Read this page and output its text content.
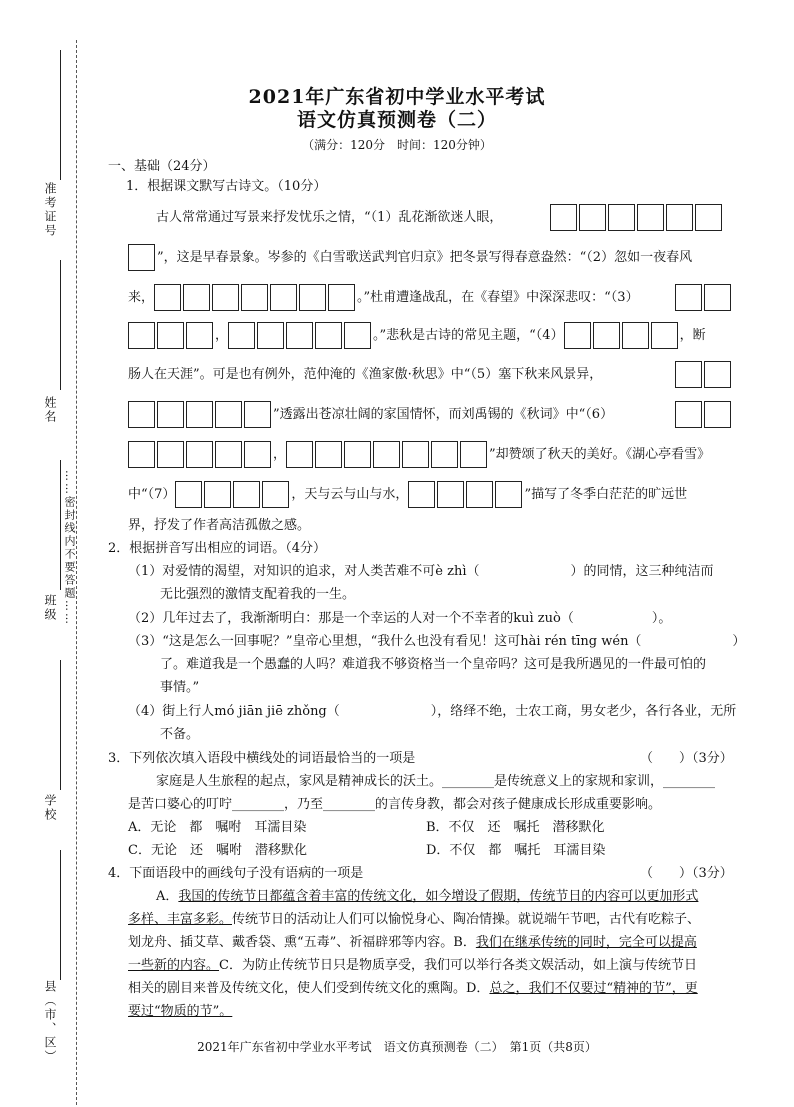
准考证号
姓名
……密封线内不要答题……
班级
学校
县（市、区）
2021年广东省初中学业水平考试
语文仿真预测卷（二）
（满分：120分　时间：120分钟）
一、基础（24分）
1．根据课文默写古诗文。（10分）
古人常常通过写景来抒发忧乐之情，“（1）乱花渐欲迷人眼，
”，这是早春景象。岑参的《白雪歌送武判官归京》把冬景写得春意盎然：“（2）忽如一夜春风
来，	。”杜甫遭逢战乱，在《春望》中深深悲叹：“（3）
，	。”悲秋是古诗的常见主题，“（4）	，断
肠人在天涯”。可是也有例外，范仲淹的《渔家傲·秋思》中“（5）塞下秋来风景异，
”透露出苍凉壮阔的家国情怀，而刘禹锡的《秋词》中“（6）
，	”却赞颂了秋天的美好。《湖心亭看雪》
中“（7）	，天与云与山与水，	”描写了冬季白茫茫的旷远世
界，抒发了作者高洁孤傲之感。
2．根据拼音写出相应的词语。（4分）
（1）对爱情的渴望，对知识的追求，对人类苦难不可è zhì（　　　　　　　）的同情，这三种纯洁而
无比强烈的激情支配着我的一生。
（2）几年过去了，我渐渐明白：那是一个幸运的人对一个不幸者的kuì zuò（　　　　　　）。
（3）“这是怎么一回事呢？”皇帝心里想，“我什么也没有看见！这可hài rén tīng wén（　　　　　　　）
了。难道我是一个愚蠢的人吗？难道我不够资格当一个皇帝吗？这可是我所遇见的一件最可怕的
事情。”
（4）街上行人mó jiān jiē zhǒng（　　　　　　　），络绎不绝，士农工商，男女老少，各行各业，无所
不备。
3．下列依次填入语段中横线处的词语最恰当的一项是	（　　）（3分）
家庭是人生旅程的起点，家风是精神成长的沃土。________是传统意义上的家规和家训，________
是苦口婆心的叮咛________，乃至________的言传身教，都会对孩子健康成长形成重要影响。
A．无论　都　嘱咐　耳濡目染	B．不仅　还　嘱托　潜移默化
C．无论　还　嘱咐　潜移默化	D．不仅　都　嘱托　耳濡目染
4．下面语段中的画线句子没有语病的一项是	（　　）（3分）
A．我国的传统节日都蕴含着丰富的传统文化，如今增设了假期，传统节日的内容可以更加形式
多样、丰富多彩。传统节日的活动让人们可以愉悦身心、陶冶情操。就说端午节吧，古代有吃粽子、
划龙舟、插艾草、戴香袋、熏“五毒”、祈福辟邪等内容。B．我们在继承传统的同时，完全可以提高
一些新的内容。C．为防止传统节日只是物质享受，我们可以举行各类文娱活动，如上演与传统节日
相关的剧目来普及传统文化，使人们受到传统文化的熏陶。D．总之，我们不仅要过“精神的节”，更
要过“物质的节”。
2021年广东省初中学业水平考试　语文仿真预测卷（二）　第1页（共8页）
